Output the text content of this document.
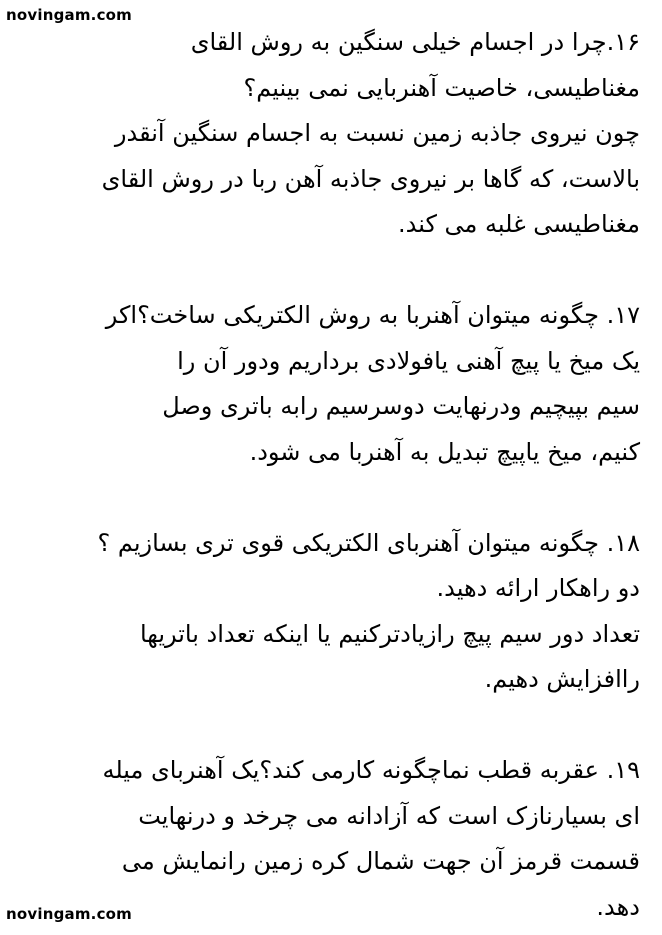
novingam.com
۱۶.چرا در اجسام خیلی سنگین به روش القای
مغناطیسی، خاصیت آهنربایی نمی بینیم؟
چون نیروی جاذبه زمین نسبت به اجسام سنگین آنقدر
بالاست، که گاها بر نیروی جاذبه آهن ربا در روش القای
مغناطیسی غلبه می کند.
۱۷. چگونه میتوان آهنربا به روش الکتریکی ساخت؟اکر
یک میخ یا پیچ آهنی یافولادی برداریم ودور آن را
سیم بپیچیم ودرنهایت دوسرسیم رابه باتری وصل
کنیم، میخ یاپیچ تبدیل به آهنربا می شود.
۱۸. چگونه میتوان آهنربای الکتریکی قوی تری بسازیم ؟
دو راهکار ارائه دهید.
تعداد دور سیم پیچ رازیادترکنیم یا اینکه تعداد باتریها
راافزایش دهیم.
۱۹. عقربه قطب نماچگونه کارمی کند؟یک آهنربای میله
ای بسیارنازک است که آزادانه می چرخد و درنهایت
قسمت قرمز آن جهت شمال کره زمین رانمایش می
دهد.
novingam.com
